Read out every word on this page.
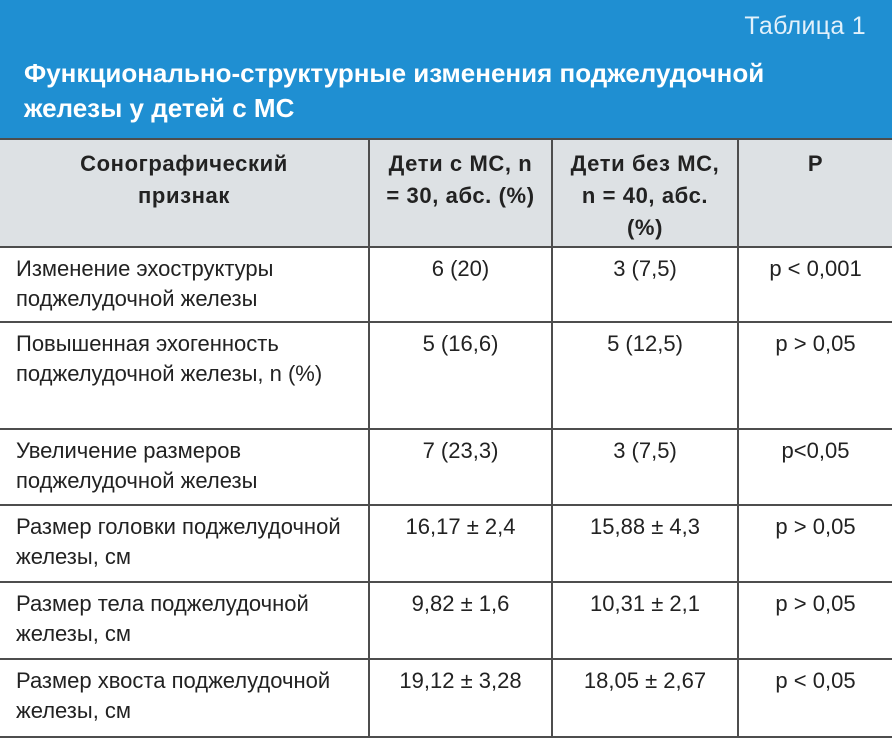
Таблица 1
Функционально-структурные изменения поджелудочной железы у детей с МС
Сонографический признак	Дети с МС, n = 30, абс. (%)	Дети без МС, n = 40, абс. (%)	Р
Изменение эхоструктуры поджелудочной железы	6 (20)	3 (7,5)	p < 0,001
Повышенная эхогенность поджелудочной железы, n (%)	5 (16,6)	5 (12,5)	p > 0,05
Увеличение размеров поджелудочной железы	7 (23,3)	3 (7,5)	p<0,05
Размер головки поджелудочной железы, см	16,17 ± 2,4	15,88 ± 4,3	p > 0,05
Размер тела поджелудочной железы, см	9,82 ± 1,6	10,31 ± 2,1	p > 0,05
Размер хвоста поджелудочной железы, см	19,12 ± 3,28	18,05 ± 2,67	p < 0,05
